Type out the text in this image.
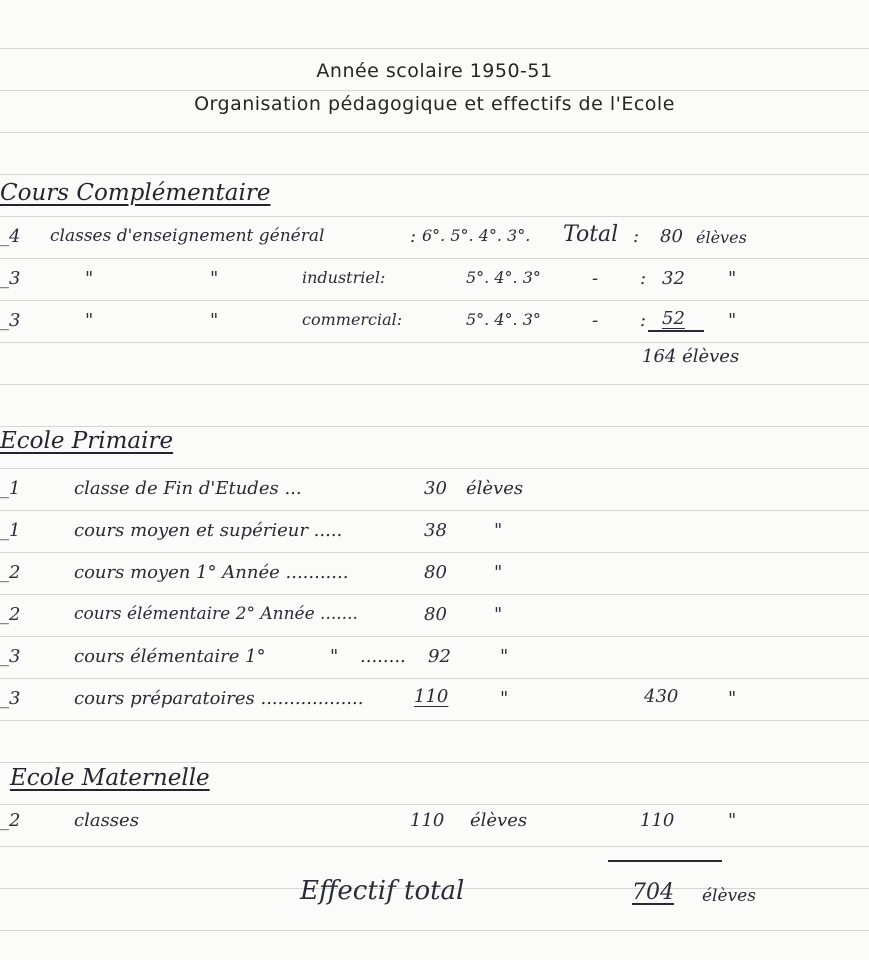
Année scolaire 1950-51
Organisation pédagogique et effectifs de l'Ecole
Cours Complémentaire
_4 classes d'enseignement général	: 6°. 5°. 4°. 3°. Total : 80 élèves
_3	"	"	industriel:	5°. 4°. 3°	- : 32 "
_3	"	"	commercial:	5°. 4°. 3°	- : 52 "
164 élèves
Ecole Primaire
_1	classe de Fin d'Etudes ...	30 élèves
_1	cours moyen et supérieur .....	38	"
_2	cours moyen 1° Année ...........	80	"
_2	cours élémentaire 2° Année .......	80	"
_3	cours élémentaire 1°	" ........ 92	"
_3	cours préparatoires ..................	110	"	430	"
Ecole Maternelle
_2	classes	110 élèves	110	"
Effectif total	704 élèves
